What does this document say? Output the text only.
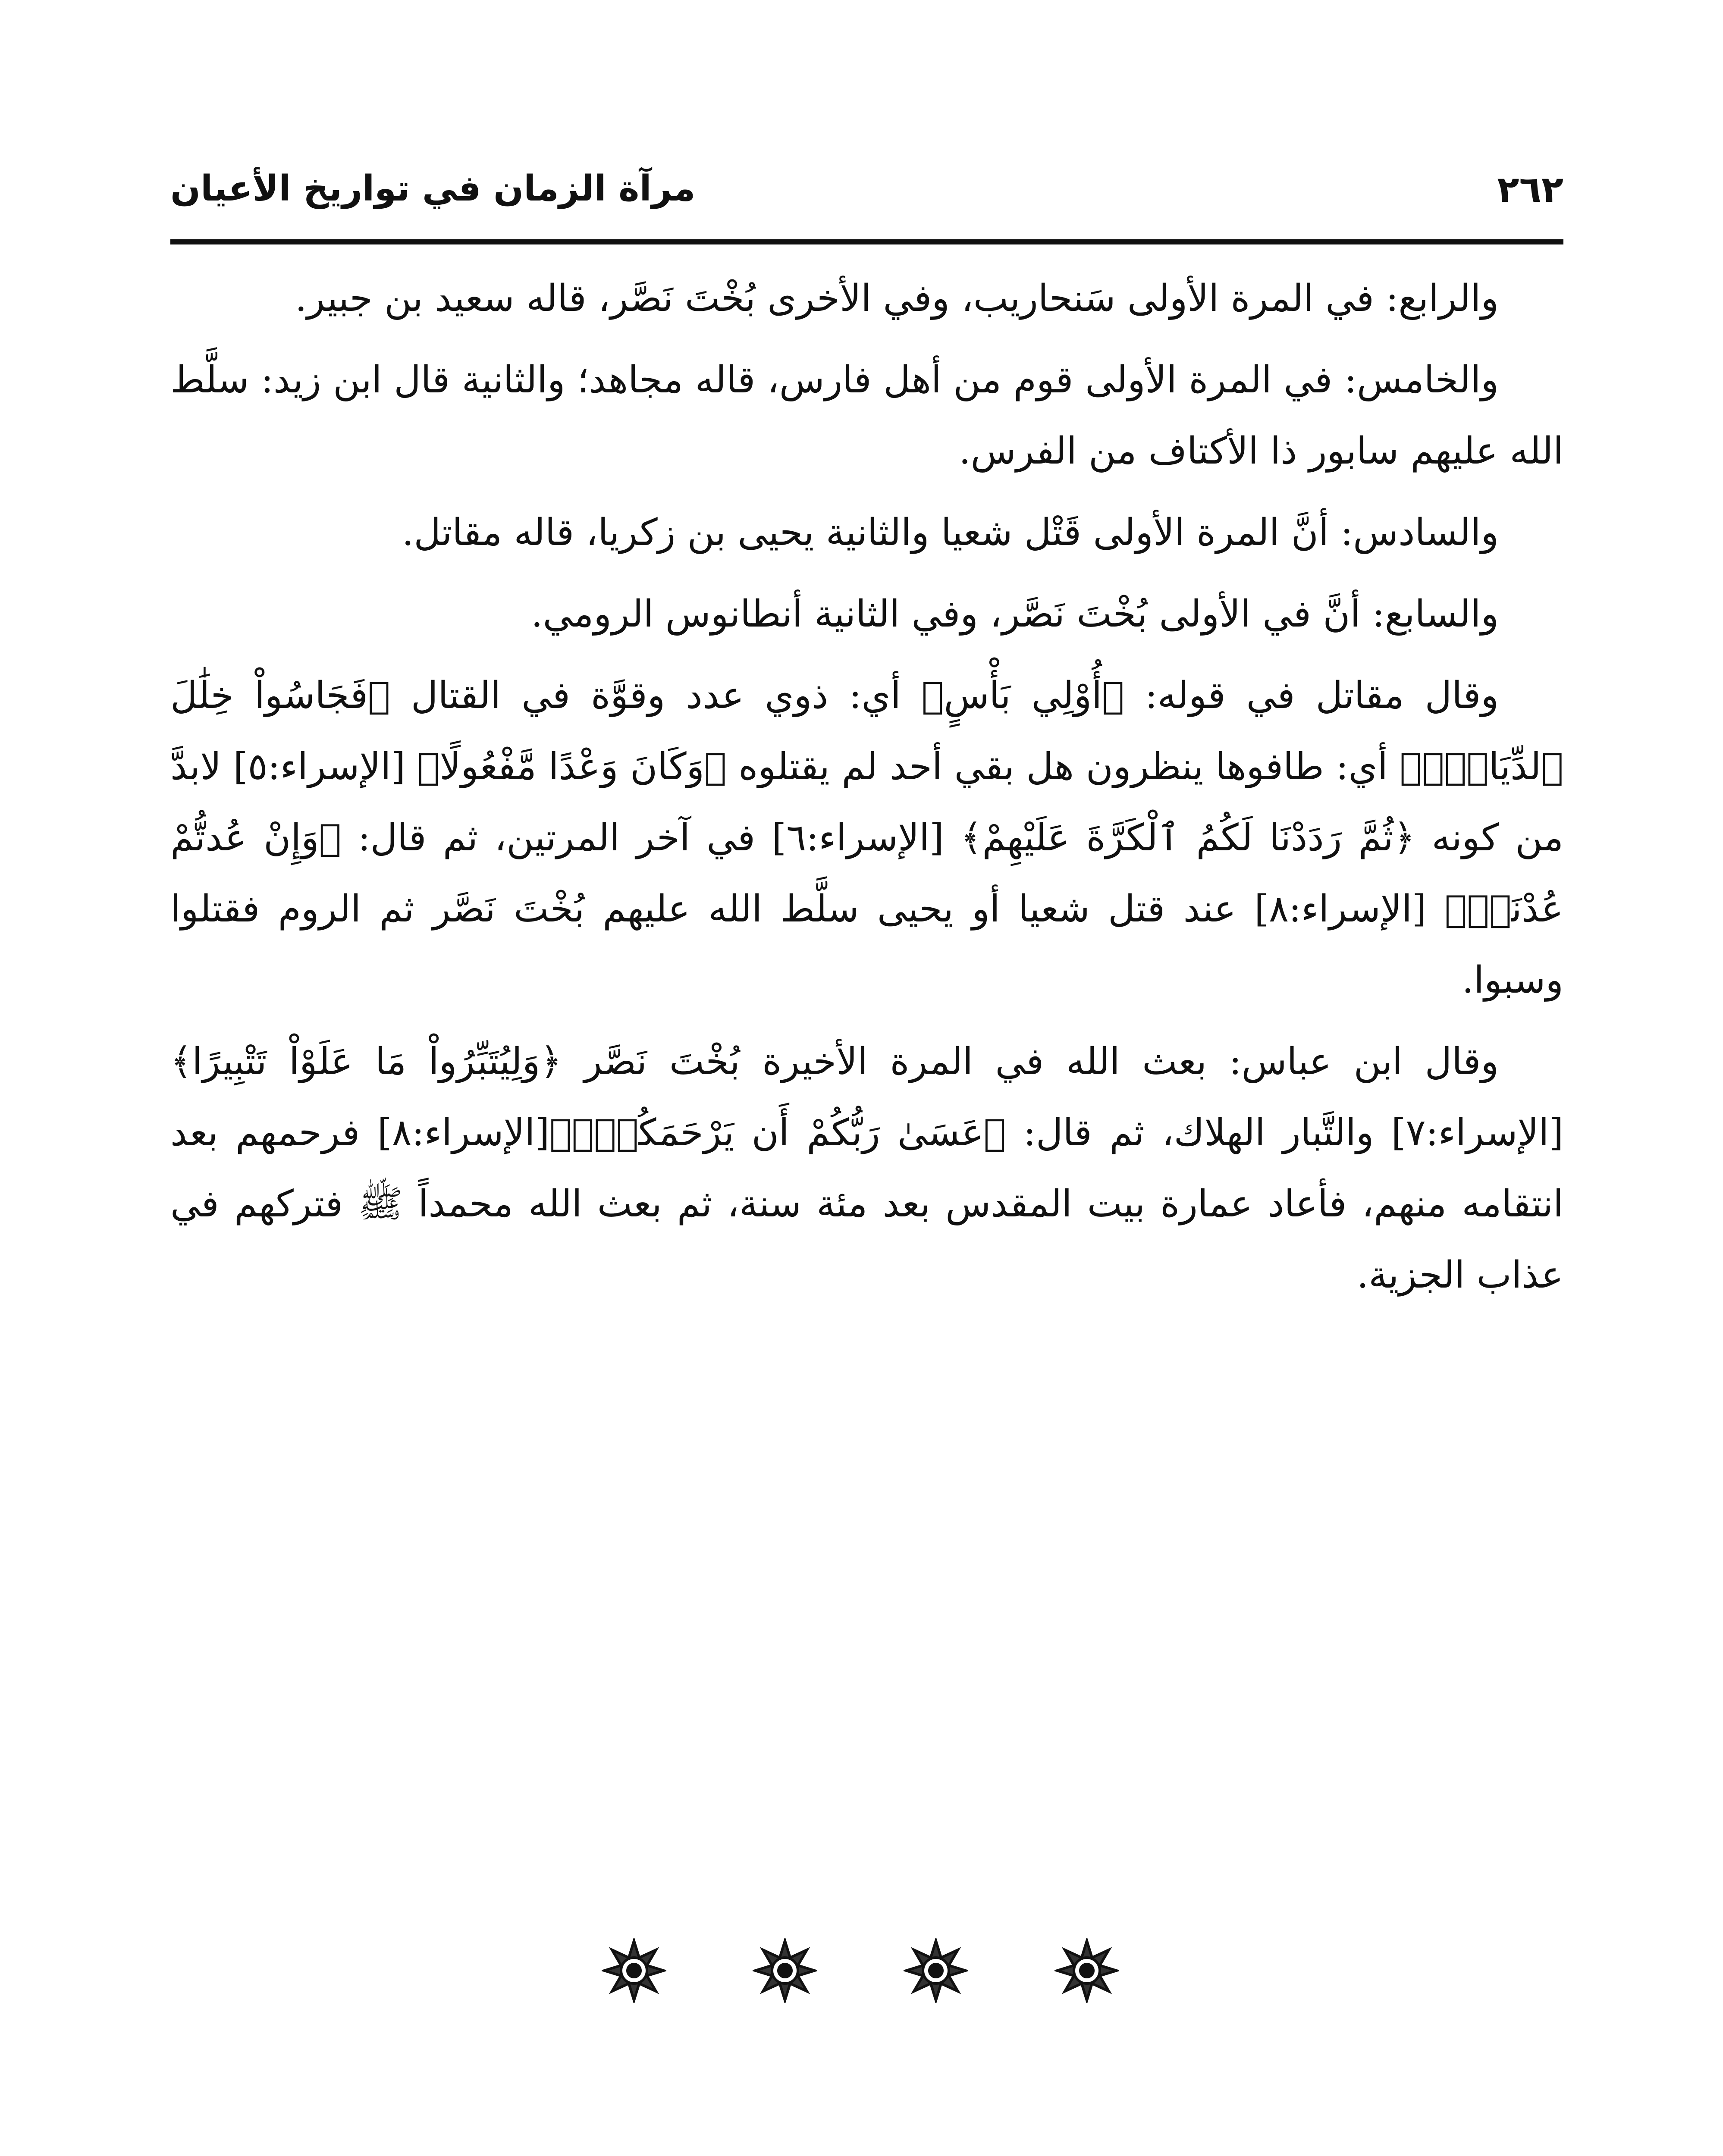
مرآة الزمان في تواريخ الأعيان	٢٦٢

والرابع: في المرة الأولى سَنحاريب، وفي الأخرى بُخْتَ نَصَّر، قاله سعيد بن جبير.

والخامس: في المرة الأولى قوم من أهل فارس، قاله مجاهد؛ والثانية قال ابن زيد: سلَّط الله عليهم سابور ذا الأكتاف من الفرس.

والسادس: أنَّ المرة الأولى قَتْل شعيا والثانية يحيى بن زكريا، قاله مقاتل.

والسابع: أنَّ في الأولى بُخْتَ نَصَّر، وفي الثانية أنطانوس الرومي.

وقال مقاتل في قوله: ﴿أُوْلِي بَأْسٍ﴾ أي: ذوي عدد وقوَّة في القتال ﴿فَجَاسُواْ خِلَٰلَ ٱلدِّيَارِۚ﴾ أي: طافوها ينظرون هل بقي أحد لم يقتلوه ﴿وَكَانَ وَعْدًا مَّفْعُولًا﴾ [الإسراء:٥] لابدَّ من كونه ﴿ثُمَّ رَدَدْنَا لَكُمُ ٱلْكَرَّةَ عَلَيْهِمْ﴾ [الإسراء:٦] في آخر المرتين، ثم قال: ﴿وَإِنْ عُدتُّمْ عُدْنَاۚ﴾ [الإسراء:٨] عند قتل شعيا أو يحيى سلَّط الله عليهم بُخْتَ نَصَّر ثم الروم فقتلوا وسبوا.

وقال ابن عباس: بعث الله في المرة الأخيرة بُخْتَ نَصَّر ﴿وَلِيُتَبِّرُواْ مَا عَلَوْاْ تَتْبِيرًا﴾[الإسراء:٧] والتَّبار الهلاك، ثم قال: ﴿عَسَىٰ رَبُّكُمْ أَن يَرْحَمَكُمْۚ﴾[الإسراء:٨] فرحمهم بعد انتقامه منهم، فأعاد عمارة بيت المقدس بعد مئة سنة، ثم بعث الله محمداً ﷺ فتركهم في عذاب الجزية.
